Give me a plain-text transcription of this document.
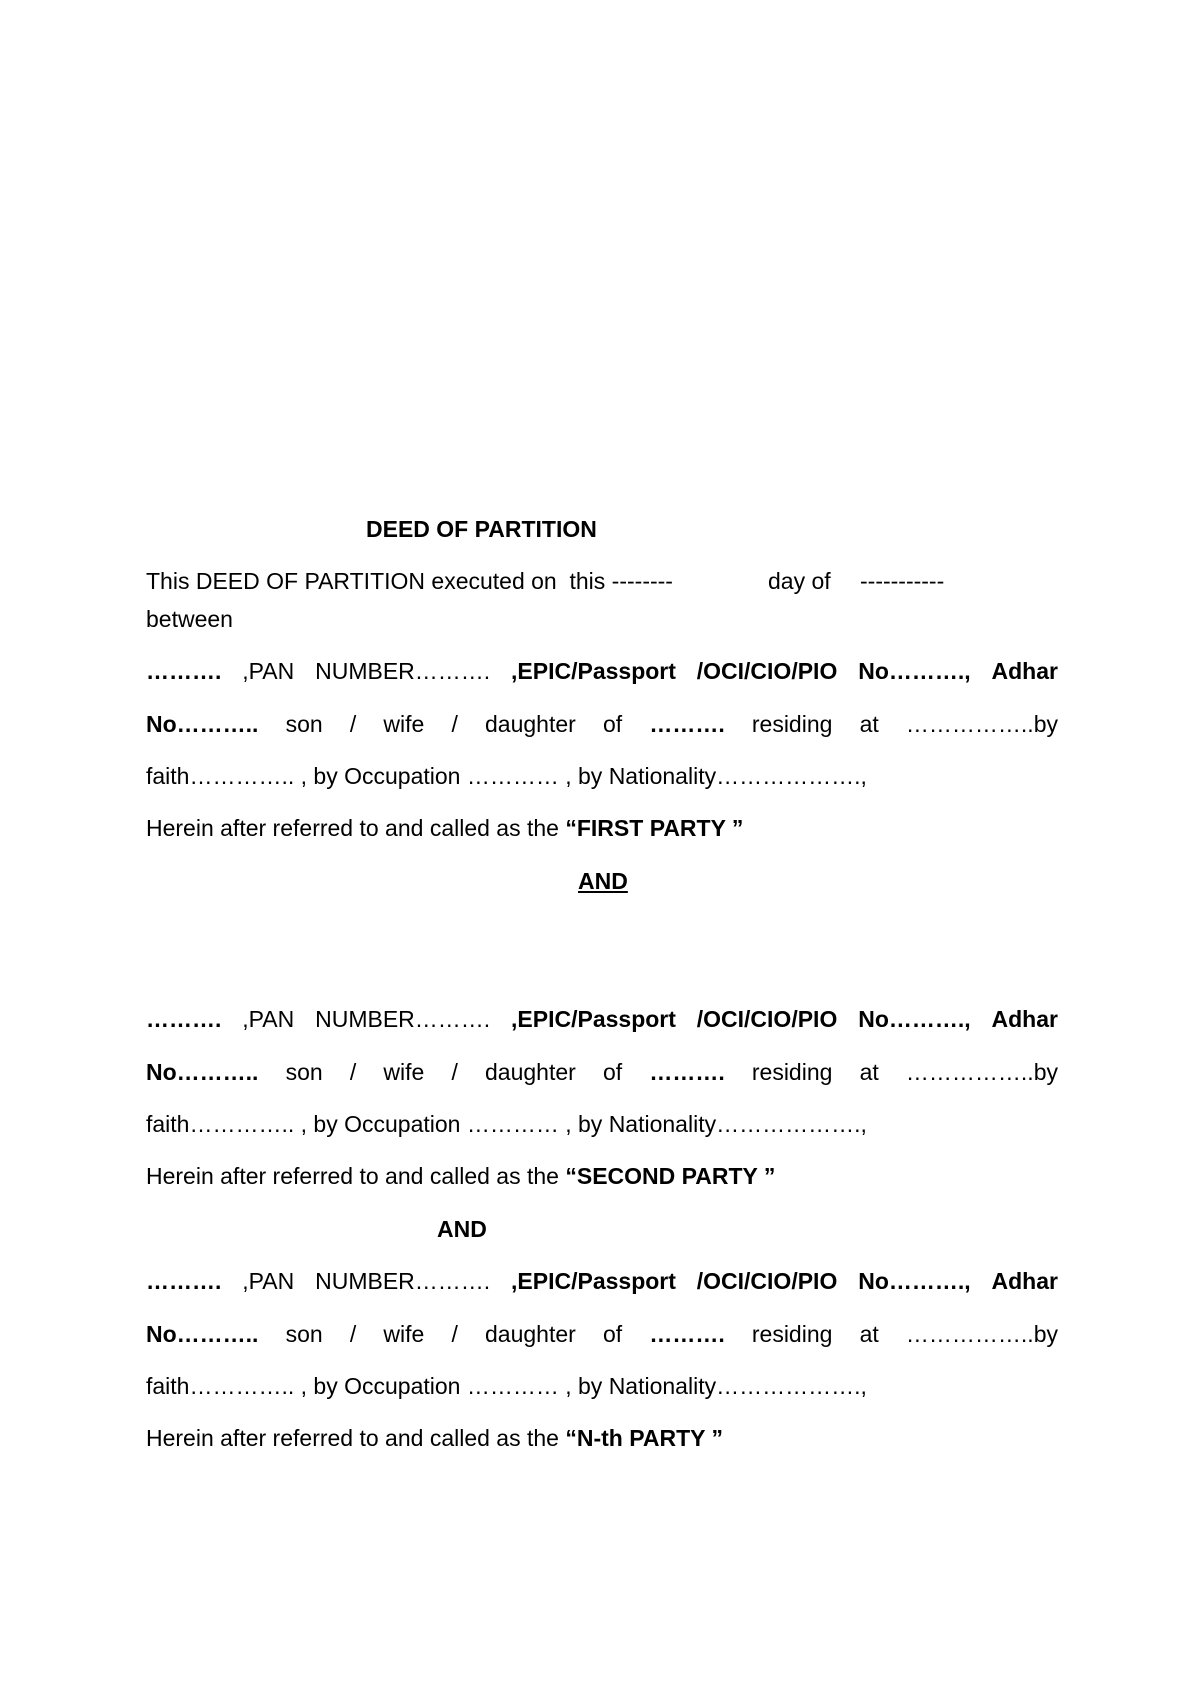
DEED OF PARTITION
This DEED OF PARTITION executed on  this --------	day of -----------
between
………. ,PAN NUMBER………. ,EPIC/Passport /OCI/CIO/PIO No………., Adhar
No……….. son / wife / daughter of ………. residing at ……………..by
faith………….. , by Occupation ………… , by Nationality……………….,
Herein after referred to and called as the “FIRST PARTY ”
AND
………. ,PAN NUMBER………. ,EPIC/Passport /OCI/CIO/PIO No………., Adhar
No……….. son / wife / daughter of ………. residing at ……………..by
faith………….. , by Occupation ………… , by Nationality……………….,
Herein after referred to and called as the “SECOND PARTY ”
AND
………. ,PAN NUMBER………. ,EPIC/Passport /OCI/CIO/PIO No………., Adhar
No……….. son / wife / daughter of ………. residing at ……………..by
faith………….. , by Occupation ………… , by Nationality……………….,
Herein after referred to and called as the “N-th PARTY ”
